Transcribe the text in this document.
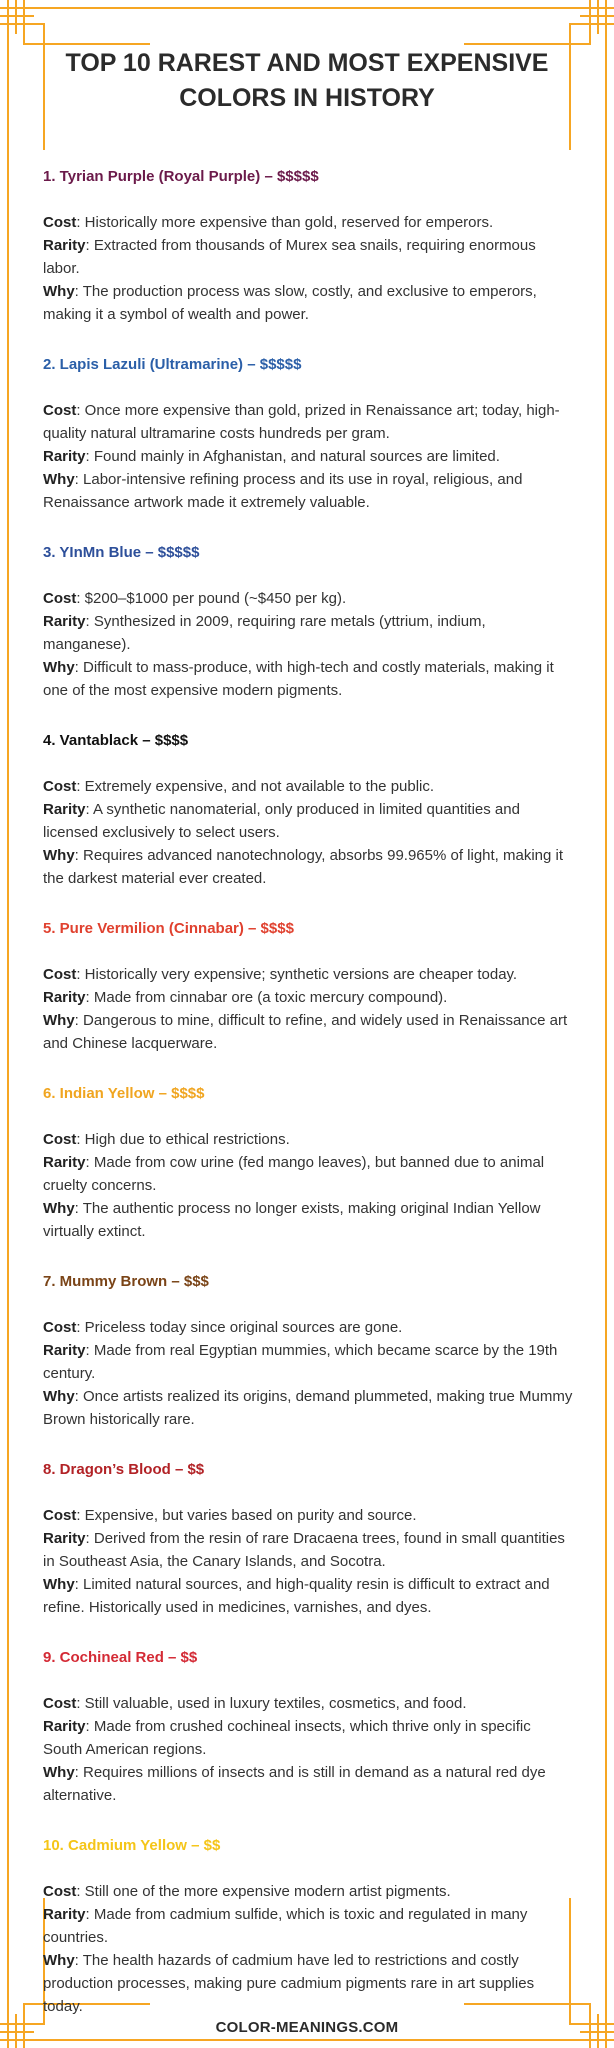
TOP 10 RAREST AND MOST EXPENSIVE COLORS IN HISTORY

1. Tyrian Purple (Royal Purple) – $$$$$

Cost: Historically more expensive than gold, reserved for emperors.

Rarity: Extracted from thousands of Murex sea snails, requiring enormous labor.

Why: The production process was slow, costly, and exclusive to emperors, making it a symbol of wealth and power.

2. Lapis Lazuli (Ultramarine) – $$$$$

Cost: Once more expensive than gold, prized in Renaissance art; today, high-quality natural ultramarine costs hundreds per gram.

Rarity: Found mainly in Afghanistan, and natural sources are limited.

Why: Labor-intensive refining process and its use in royal, religious, and Renaissance artwork made it extremely valuable.

3. YInMn Blue – $$$$$

Cost: $200–$1000 per pound (~$450 per kg).

Rarity: Synthesized in 2009, requiring rare metals (yttrium, indium, manganese).

Why: Difficult to mass-produce, with high-tech and costly materials, making it one of the most expensive modern pigments.

4. Vantablack – $$$$

Cost: Extremely expensive, and not available to the public.

Rarity: A synthetic nanomaterial, only produced in limited quantities and licensed exclusively to select users.

Why: Requires advanced nanotechnology, absorbs 99.965% of light, making it the darkest material ever created.

5. Pure Vermilion (Cinnabar) – $$$$

Cost: Historically very expensive; synthetic versions are cheaper today.

Rarity: Made from cinnabar ore (a toxic mercury compound).

Why: Dangerous to mine, difficult to refine, and widely used in Renaissance art and Chinese lacquerware.

6. Indian Yellow – $$$$

Cost: High due to ethical restrictions.

Rarity: Made from cow urine (fed mango leaves), but banned due to animal cruelty concerns.

Why: The authentic process no longer exists, making original Indian Yellow virtually extinct.

7. Mummy Brown – $$$

Cost: Priceless today since original sources are gone.

Rarity: Made from real Egyptian mummies, which became scarce by the 19th century.

Why: Once artists realized its origins, demand plummeted, making true Mummy Brown historically rare.

8. Dragon’s Blood – $$

Cost: Expensive, but varies based on purity and source.

Rarity: Derived from the resin of rare Dracaena trees, found in small quantities in Southeast Asia, the Canary Islands, and Socotra.

Why: Limited natural sources, and high-quality resin is difficult to extract and refine. Historically used in medicines, varnishes, and dyes.

9. Cochineal Red – $$

Cost: Still valuable, used in luxury textiles, cosmetics, and food.

Rarity: Made from crushed cochineal insects, which thrive only in specific South American regions.

Why: Requires millions of insects and is still in demand as a natural red dye alternative.

10. Cadmium Yellow – $$

Cost: Still one of the more expensive modern artist pigments.

Rarity: Made from cadmium sulfide, which is toxic and regulated in many countries.

Why: The health hazards of cadmium have led to restrictions and costly production processes, making pure cadmium pigments rare in art supplies today.

COLOR-MEANINGS.COM
